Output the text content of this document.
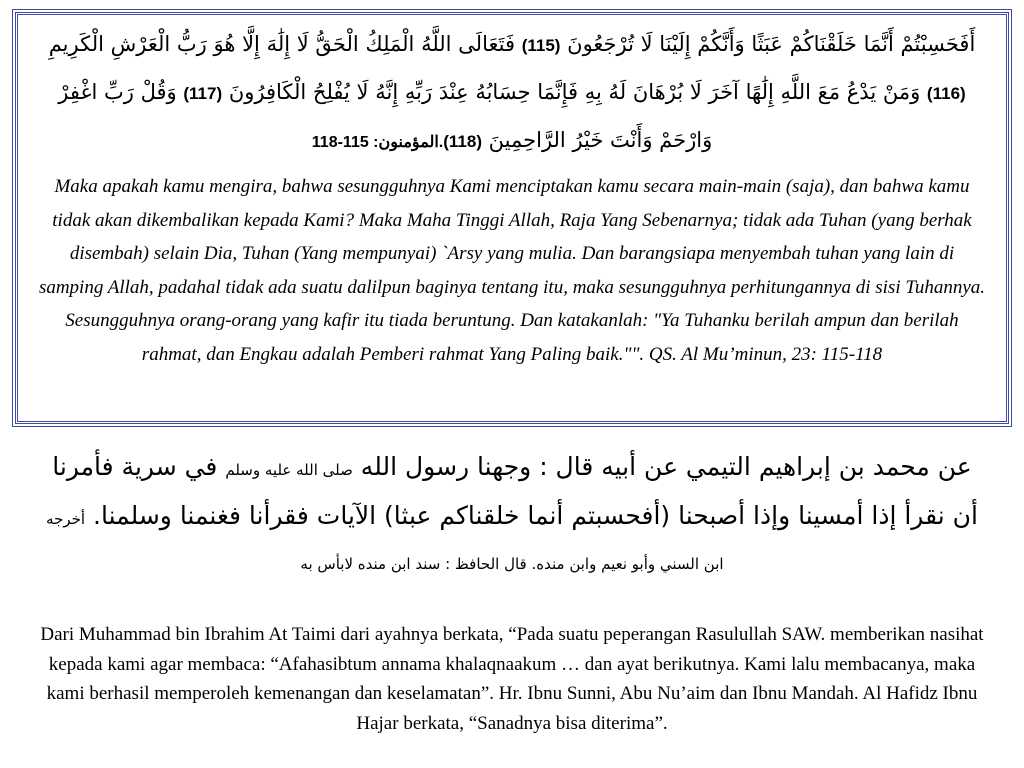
أَفَحَسِبْتُمْ أَنَّمَا خَلَقْنَاكُمْ عَبَثًا وَأَنَّكُمْ إِلَيْنَا لَا تُرْجَعُونَ (115) فَتَعَالَى اللَّهُ الْمَلِكُ الْحَقُّ لَا إِلَٰهَ إِلَّا هُوَ رَبُّ الْعَرْشِ الْكَرِيمِ (116) وَمَنْ يَدْعُ مَعَ اللَّهِ إِلَٰهًا آخَرَ لَا بُرْهَانَ لَهُ بِهِ فَإِنَّمَا حِسَابُهُ عِنْدَ رَبِّهِ إِنَّهُ لَا يُفْلِحُ الْكَافِرُونَ (117) وَقُلْ رَبِّ اغْفِرْ وَارْحَمْ وَأَنْتَ خَيْرُ الرَّاحِمِينَ (118).المؤمنون: 115-118

Maka apakah kamu mengira, bahwa sesungguhnya Kami menciptakan kamu secara main-main (saja), dan bahwa kamu tidak akan dikembalikan kepada Kami? Maka Maha Tinggi Allah, Raja Yang Sebenarnya; tidak ada Tuhan (yang berhak disembah) selain Dia, Tuhan (Yang mempunyai) `Arsy yang mulia. Dan barangsiapa menyembah tuhan yang lain di samping Allah, padahal tidak ada suatu dalilpun baginya tentang itu, maka sesungguhnya perhitungannya di sisi Tuhannya. Sesungguhnya orang-orang yang kafir itu tiada beruntung. Dan katakanlah: "Ya Tuhanku berilah ampun dan berilah rahmat, dan Engkau adalah Pemberi rahmat Yang Paling baik."". QS. Al Mu’minun, 23: 115-118

عن محمد بن إبراهيم التيمي عن أبيه قال : وجهنا رسول الله صلى الله عليه وسلم في سرية فأمرنا أن نقرأ إذا أمسينا وإذا أصبحنا (أفحسبتم أنما خلقناكم عبثا) الآيات فقرأنا فغنمنا وسلمنا. أخرجه ابن السني وأبو نعيم وابن منده. قال الحافظ : سند ابن منده لابأس به

Dari Muhammad bin Ibrahim At Taimi dari ayahnya berkata, “Pada suatu peperangan Rasulullah SAW. memberikan nasihat kepada kami agar membaca: “Afahasibtum annama khalaqnaakum … dan ayat berikutnya. Kami lalu membacanya, maka kami berhasil memperoleh kemenangan dan keselamatan”. Hr. Ibnu Sunni, Abu Nu’aim dan Ibnu Mandah. Al Hafidz Ibnu Hajar berkata, “Sanadnya bisa diterima”.
